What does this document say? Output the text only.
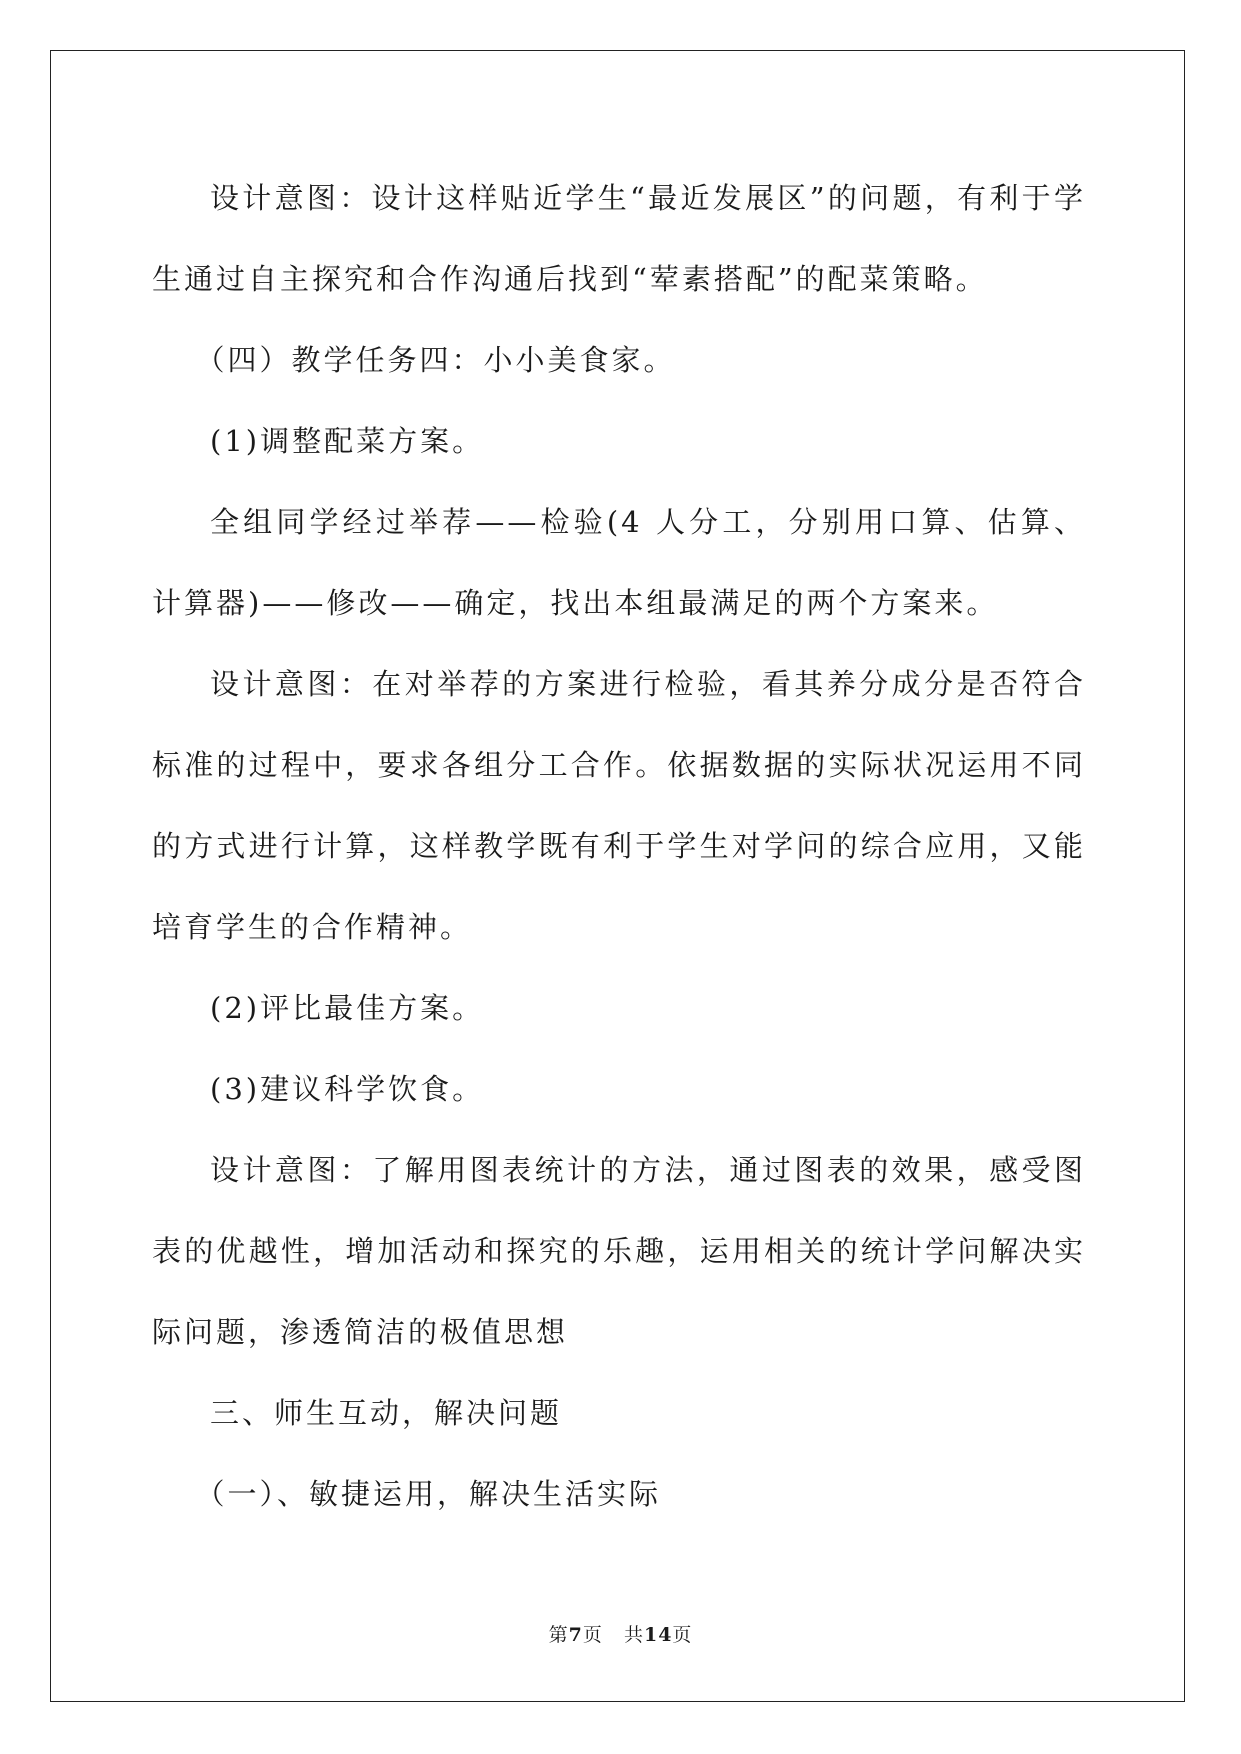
设计意图：设计这样贴近学生“最近发展区”的问题，有利于学生通过自主探究和合作沟通后找到“荤素搭配”的配菜策略。

（四）教学任务四：小小美食家。

(1)调整配菜方案。

全组同学经过举荐——检验(4 人分工，分别用口算、估算、计算器)——修改——确定，找出本组最满足的两个方案来。

设计意图：在对举荐的方案进行检验，看其养分成分是否符合标准的过程中，要求各组分工合作。依据数据的实际状况运用不同的方式进行计算，这样教学既有利于学生对学问的综合应用，又能培育学生的合作精神。

(2)评比最佳方案。

(3)建议科学饮食。

设计意图：了解用图表统计的方法，通过图表的效果，感受图表的优越性，增加活动和探究的乐趣，运用相关的统计学问解决实际问题，渗透简洁的极值思想

三、师生互动，解决问题

（一）、敏捷运用，解决生活实际

第7页 共14页
